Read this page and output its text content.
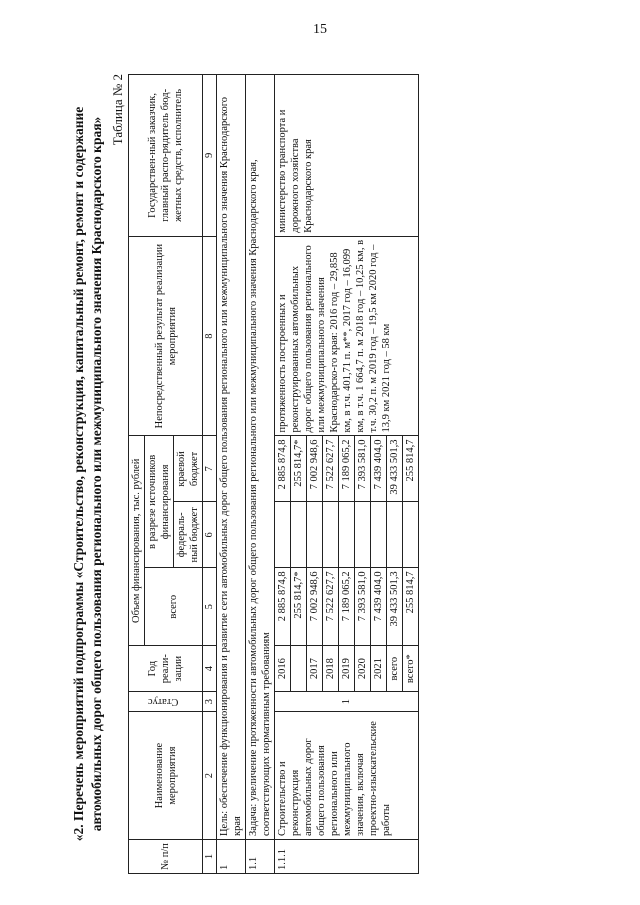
15

«2. Перечень мероприятий подпрограммы «Строительство, реконструкция, капитальный ремонт, ремонт и содержание автомобильных дорог общего пользования регионального или межмуниципального значения Краснодарского края»

Таблица № 2
№ п/п	Наименование мероприятия	Статус	Год реали-зации	Объем финансирования, тыс. рублей			Непосредственный результат реализации мероприятия	Государствен-ный заказчик, главный распо-рядитель бюд-жетных средств, исполнитель
				всего	в разрезе источников финансирования			
					федераль-ный бюджет	краевой бюджет		
1	2	3	4	5	6	7	8	9
1	Цель: обеспечение функционирования и развитие сети автомобильных дорог общего пользования регионального или межмуниципального значения Краснодарского края							
1.1	Задача: увеличение протяженности автомобильных дорог общего пользования регионального или межмуниципального значения Краснодарского края, соответствующих нормативным требованиям							
1.1.1	Строительство и реконструкция автомобильных дорог общего пользования регионального или межмуниципального значения, включая проектно-изыскательские работы	1	2016	2 885 874,8		2 885 874,8	протяженность построенных и реконструированных автомобильных дорог общего пользования регионального или межмуниципального значения Краснодарско-го края: 2016 год – 29,858 км, в т.ч. 401,71 п. м**, 2017 год – 16,099 км, в т.ч. 1 664,7 п. м 2018 год – 10,25 км, в т.ч. 30,2 п. м 2019 год – 19,5 км 2020 год – 13,9 км 2021 год – 58 км	министерство транспорта и дорожного хозяйства Краснодарского края
				255 814,7*		255 814,7*		
			2017	7 002 948,6		7 002 948,6		
			2018	7 522 627,7		7 522 627,7		
			2019	7 189 065,2		7 189 065,2		
			2020	7 393 581,0		7 393 581,0		
			2021	7 439 404,0		7 439 404,0		
			всего	39 433 501,3		39 433 501,3		
			всего*	255 814,7		255 814,7		
